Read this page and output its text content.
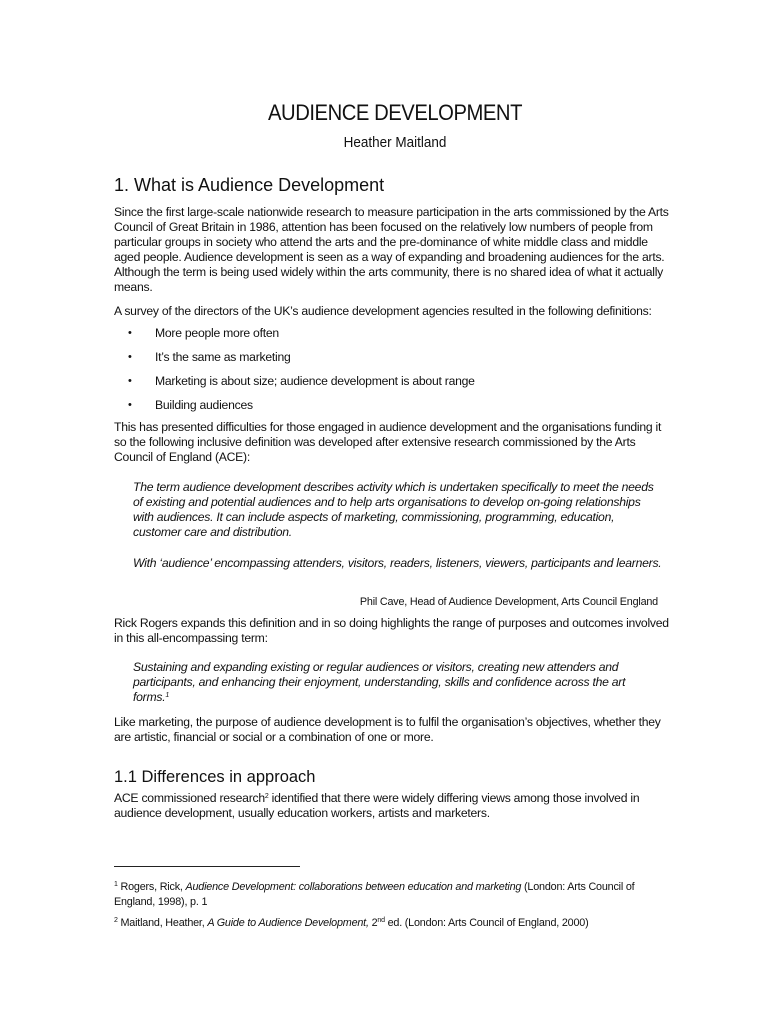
AUDIENCE DEVELOPMENT
Heather Maitland
1. What is Audience Development
Since the first large-scale nationwide research to measure participation in the arts commissioned by the Arts Council of Great Britain in 1986, attention has been focused on the relatively low numbers of people from particular groups in society who attend the arts and the pre-dominance of white middle class and middle aged people. Audience development is seen as a way of expanding and broadening audiences for the arts. Although the term is being used widely within the arts community, there is no shared idea of what it actually means.
A survey of the directors of the UK’s audience development agencies resulted in the following definitions:
•	More people more often
•	It’s the same as marketing
•	Marketing is about size; audience development is about range
•	Building audiences
This has presented difficulties for those engaged in audience development and the organisations funding it so the following inclusive definition was developed after extensive research commissioned by the Arts Council of England (ACE):
The term audience development describes activity which is undertaken specifically to meet the needs of existing and potential audiences and to help arts organisations to develop on-going relationships with audiences. It can include aspects of marketing, commissioning, programming, education, customer care and distribution.
With ‘audience’ encompassing attenders, visitors, readers, listeners, viewers, participants and learners.
Phil Cave, Head of Audience Development, Arts Council England
Rick Rogers expands this definition and in so doing highlights the range of purposes and outcomes involved in this all-encompassing term:
Sustaining and expanding existing or regular audiences or visitors, creating new attenders and participants, and enhancing their enjoyment, understanding, skills and confidence across the art forms.$^1$
Like marketing, the purpose of audience development is to fulfil the organisation’s objectives, whether they are artistic, financial or social or a combination of one or more.
1.1 Differences in approach
ACE commissioned research$^2$ identified that there were widely differing views among those involved in audience development, usually education workers, artists and marketers.
$^1$ Rogers, Rick, Audience Development: collaborations between education and marketing (London: Arts Council of England, 1998), p. 1
$^2$ Maitland, Heather, A Guide to Audience Development, 2nd ed. (London: Arts Council of England, 2000)
